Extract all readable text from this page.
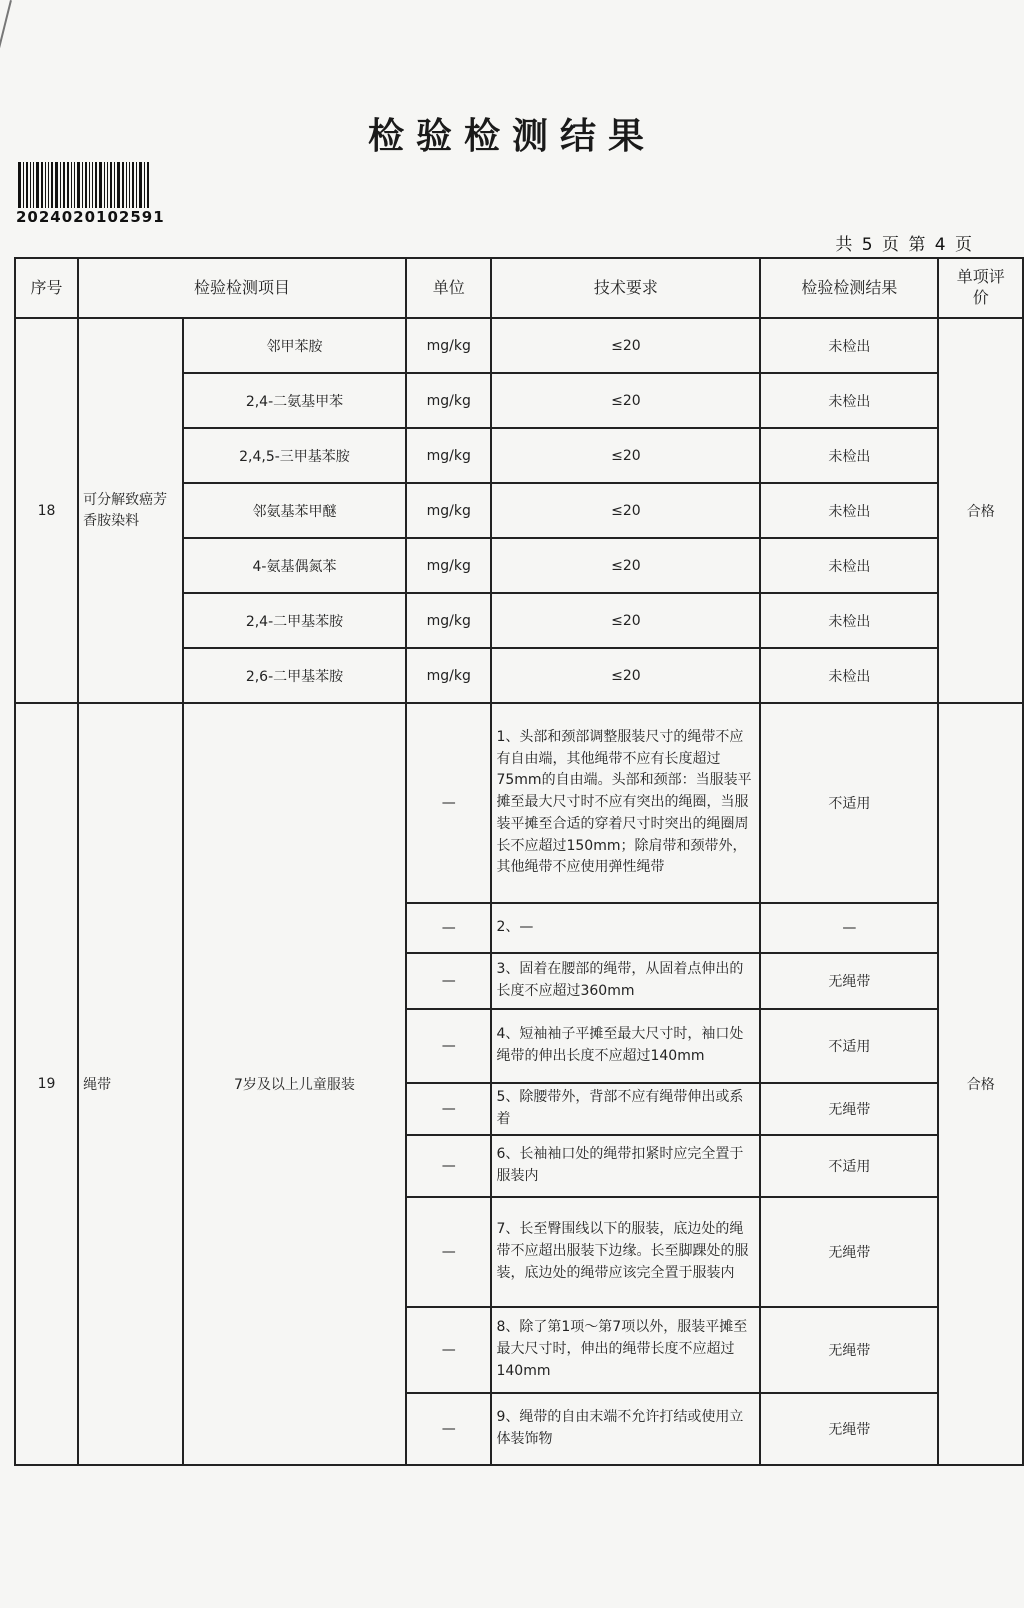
检验检测结果
2024020102591
共 5 页 第 4 页
序号	检验检测项目		单位	技术要求	检验检测结果	单项评价
18	可分解致癌芳香胺染料	邻甲苯胺	mg/kg	≤20	未检出	合格
		2,4-二氨基甲苯	mg/kg	≤20	未检出	
		2,4,5-三甲基苯胺	mg/kg	≤20	未检出	
		邻氨基苯甲醚	mg/kg	≤20	未检出	
		4-氨基偶氮苯	mg/kg	≤20	未检出	
		2,4-二甲基苯胺	mg/kg	≤20	未检出	
		2,6-二甲基苯胺	mg/kg	≤20	未检出	
19	绳带	7岁及以上儿童服装	—	1、头部和颈部调整服装尺寸的绳带不应有自由端，其他绳带不应有长度超过75mm的自由端。头部和颈部：当服装平摊至最大尺寸时不应有突出的绳圈，当服装平摊至合适的穿着尺寸时突出的绳圈周长不应超过150mm；除肩带和颈带外，其他绳带不应使用弹性绳带	不适用	合格
			—	2、—	—	
			—	3、固着在腰部的绳带，从固着点伸出的长度不应超过360mm	无绳带	
			—	4、短袖袖子平摊至最大尺寸时，袖口处绳带的伸出长度不应超过140mm	不适用	
			—	5、除腰带外，背部不应有绳带伸出或系着	无绳带	
			—	6、长袖袖口处的绳带扣紧时应完全置于服装内	不适用	
			—	7、长至臀围线以下的服装，底边处的绳带不应超出服装下边缘。长至脚踝处的服装，底边处的绳带应该完全置于服装内	无绳带	
			—	8、除了第1项～第7项以外，服装平摊至最大尺寸时，伸出的绳带长度不应超过140mm	无绳带	
			—	9、绳带的自由末端不允许打结或使用立体装饰物	无绳带	
